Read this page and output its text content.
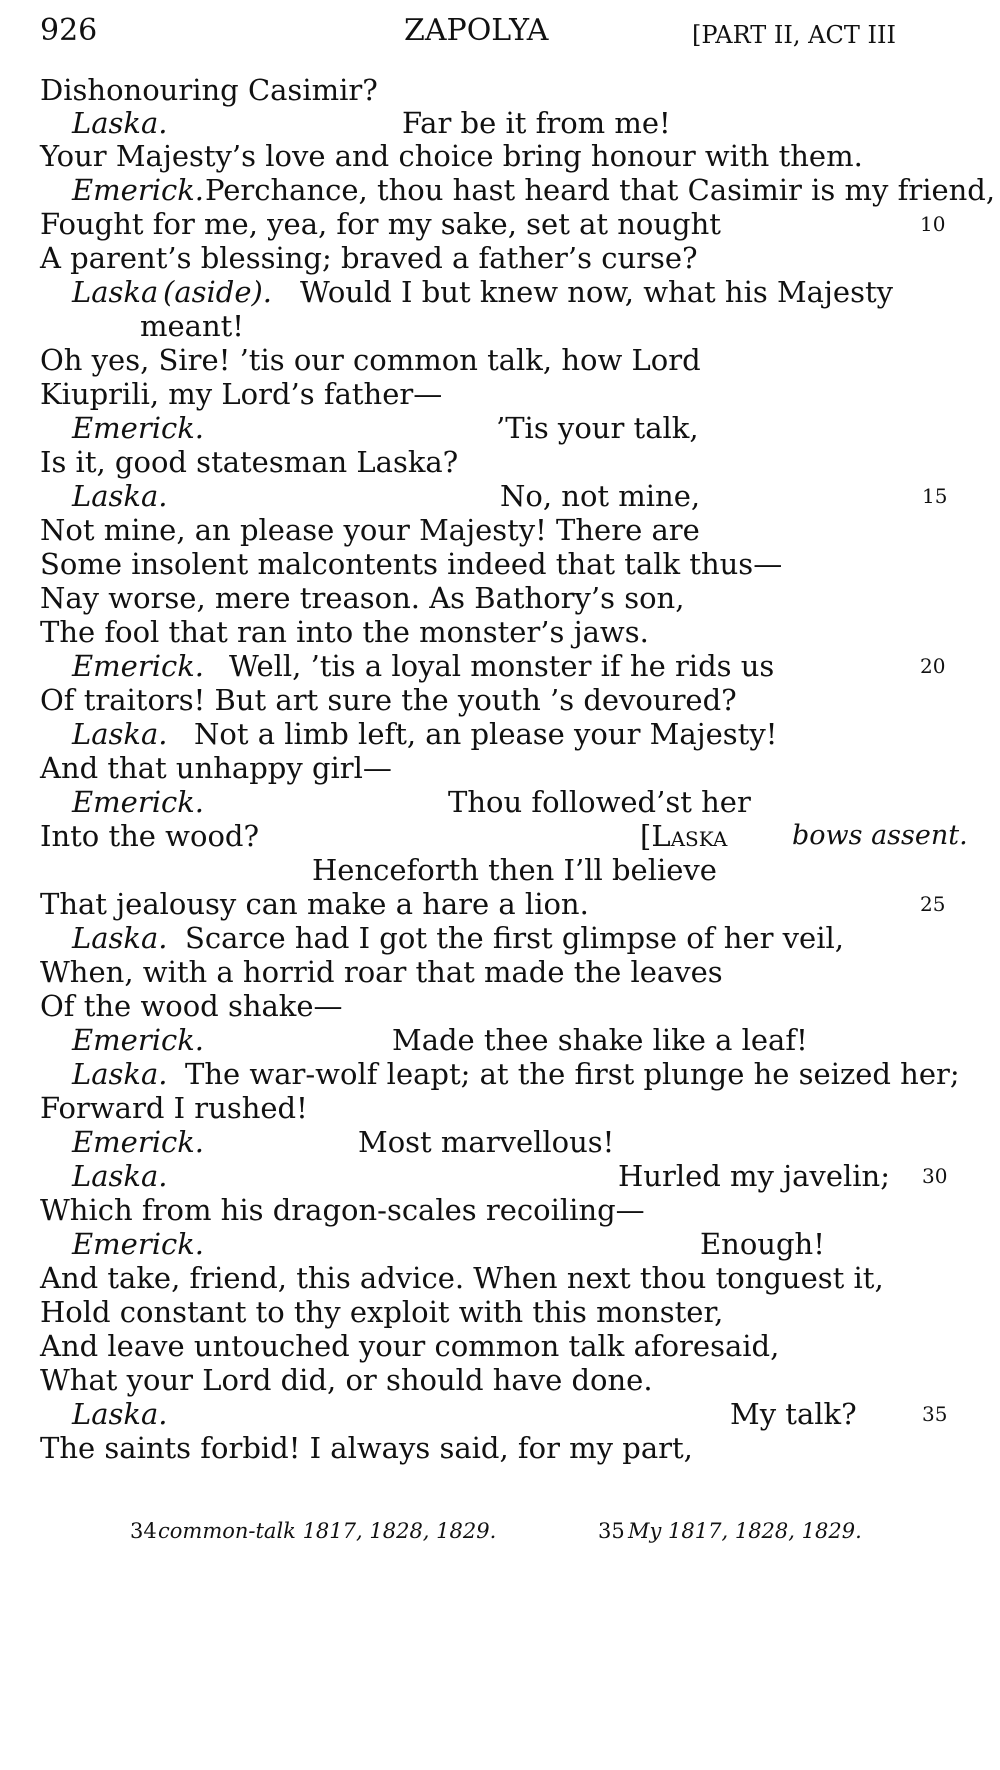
926	ZAPOLYA	[PART II, ACT III
Dishonouring Casimir?
Laska.	Far be it from me!
Your Majesty’s love and choice bring honour with them.
Emerick. Perchance, thou hast heard that Casimir is my friend,
Fought for me, yea, for my sake, set at nought	10
A parent’s blessing; braved a father’s curse?
Laska (aside). Would I but knew now, what his Majesty
meant!
Oh yes, Sire! ’tis our common talk, how Lord
Kiuprili, my Lord’s father—
Emerick.	’Tis your talk,
Is it, good statesman Laska?
Laska.	No, not mine,	15
Not mine, an please your Majesty! There are
Some insolent malcontents indeed that talk thus—
Nay worse, mere treason. As Bathory’s son,
The fool that ran into the monster’s jaws.
Emerick. Well, ’tis a loyal monster if he rids us	20
Of traitors! But art sure the youth ’s devoured?
Laska. Not a limb left, an please your Majesty!
And that unhappy girl—
Emerick.	Thou followed’st her
Into the wood?	[Laska bows assent.
Henceforth then I’ll believe
That jealousy can make a hare a lion.	25
Laska. Scarce had I got the first glimpse of her veil,
When, with a horrid roar that made the leaves
Of the wood shake—
Emerick.	Made thee shake like a leaf!
Laska. The war-wolf leapt; at the first plunge he seized her;
Forward I rushed!
Emerick.	Most marvellous!
Laska.	Hurled my javelin; 30
Which from his dragon-scales recoiling—
Emerick.	Enough!
And take, friend, this advice. When next thou tonguest it,
Hold constant to thy exploit with this monster,
And leave untouched your common talk aforesaid,
What your Lord did, or should have done.
Laska.	My talk?	35
The saints forbid! I always said, for my part,
34 common-talk 1817, 1828, 1829.	35 My 1817, 1828, 1829.
